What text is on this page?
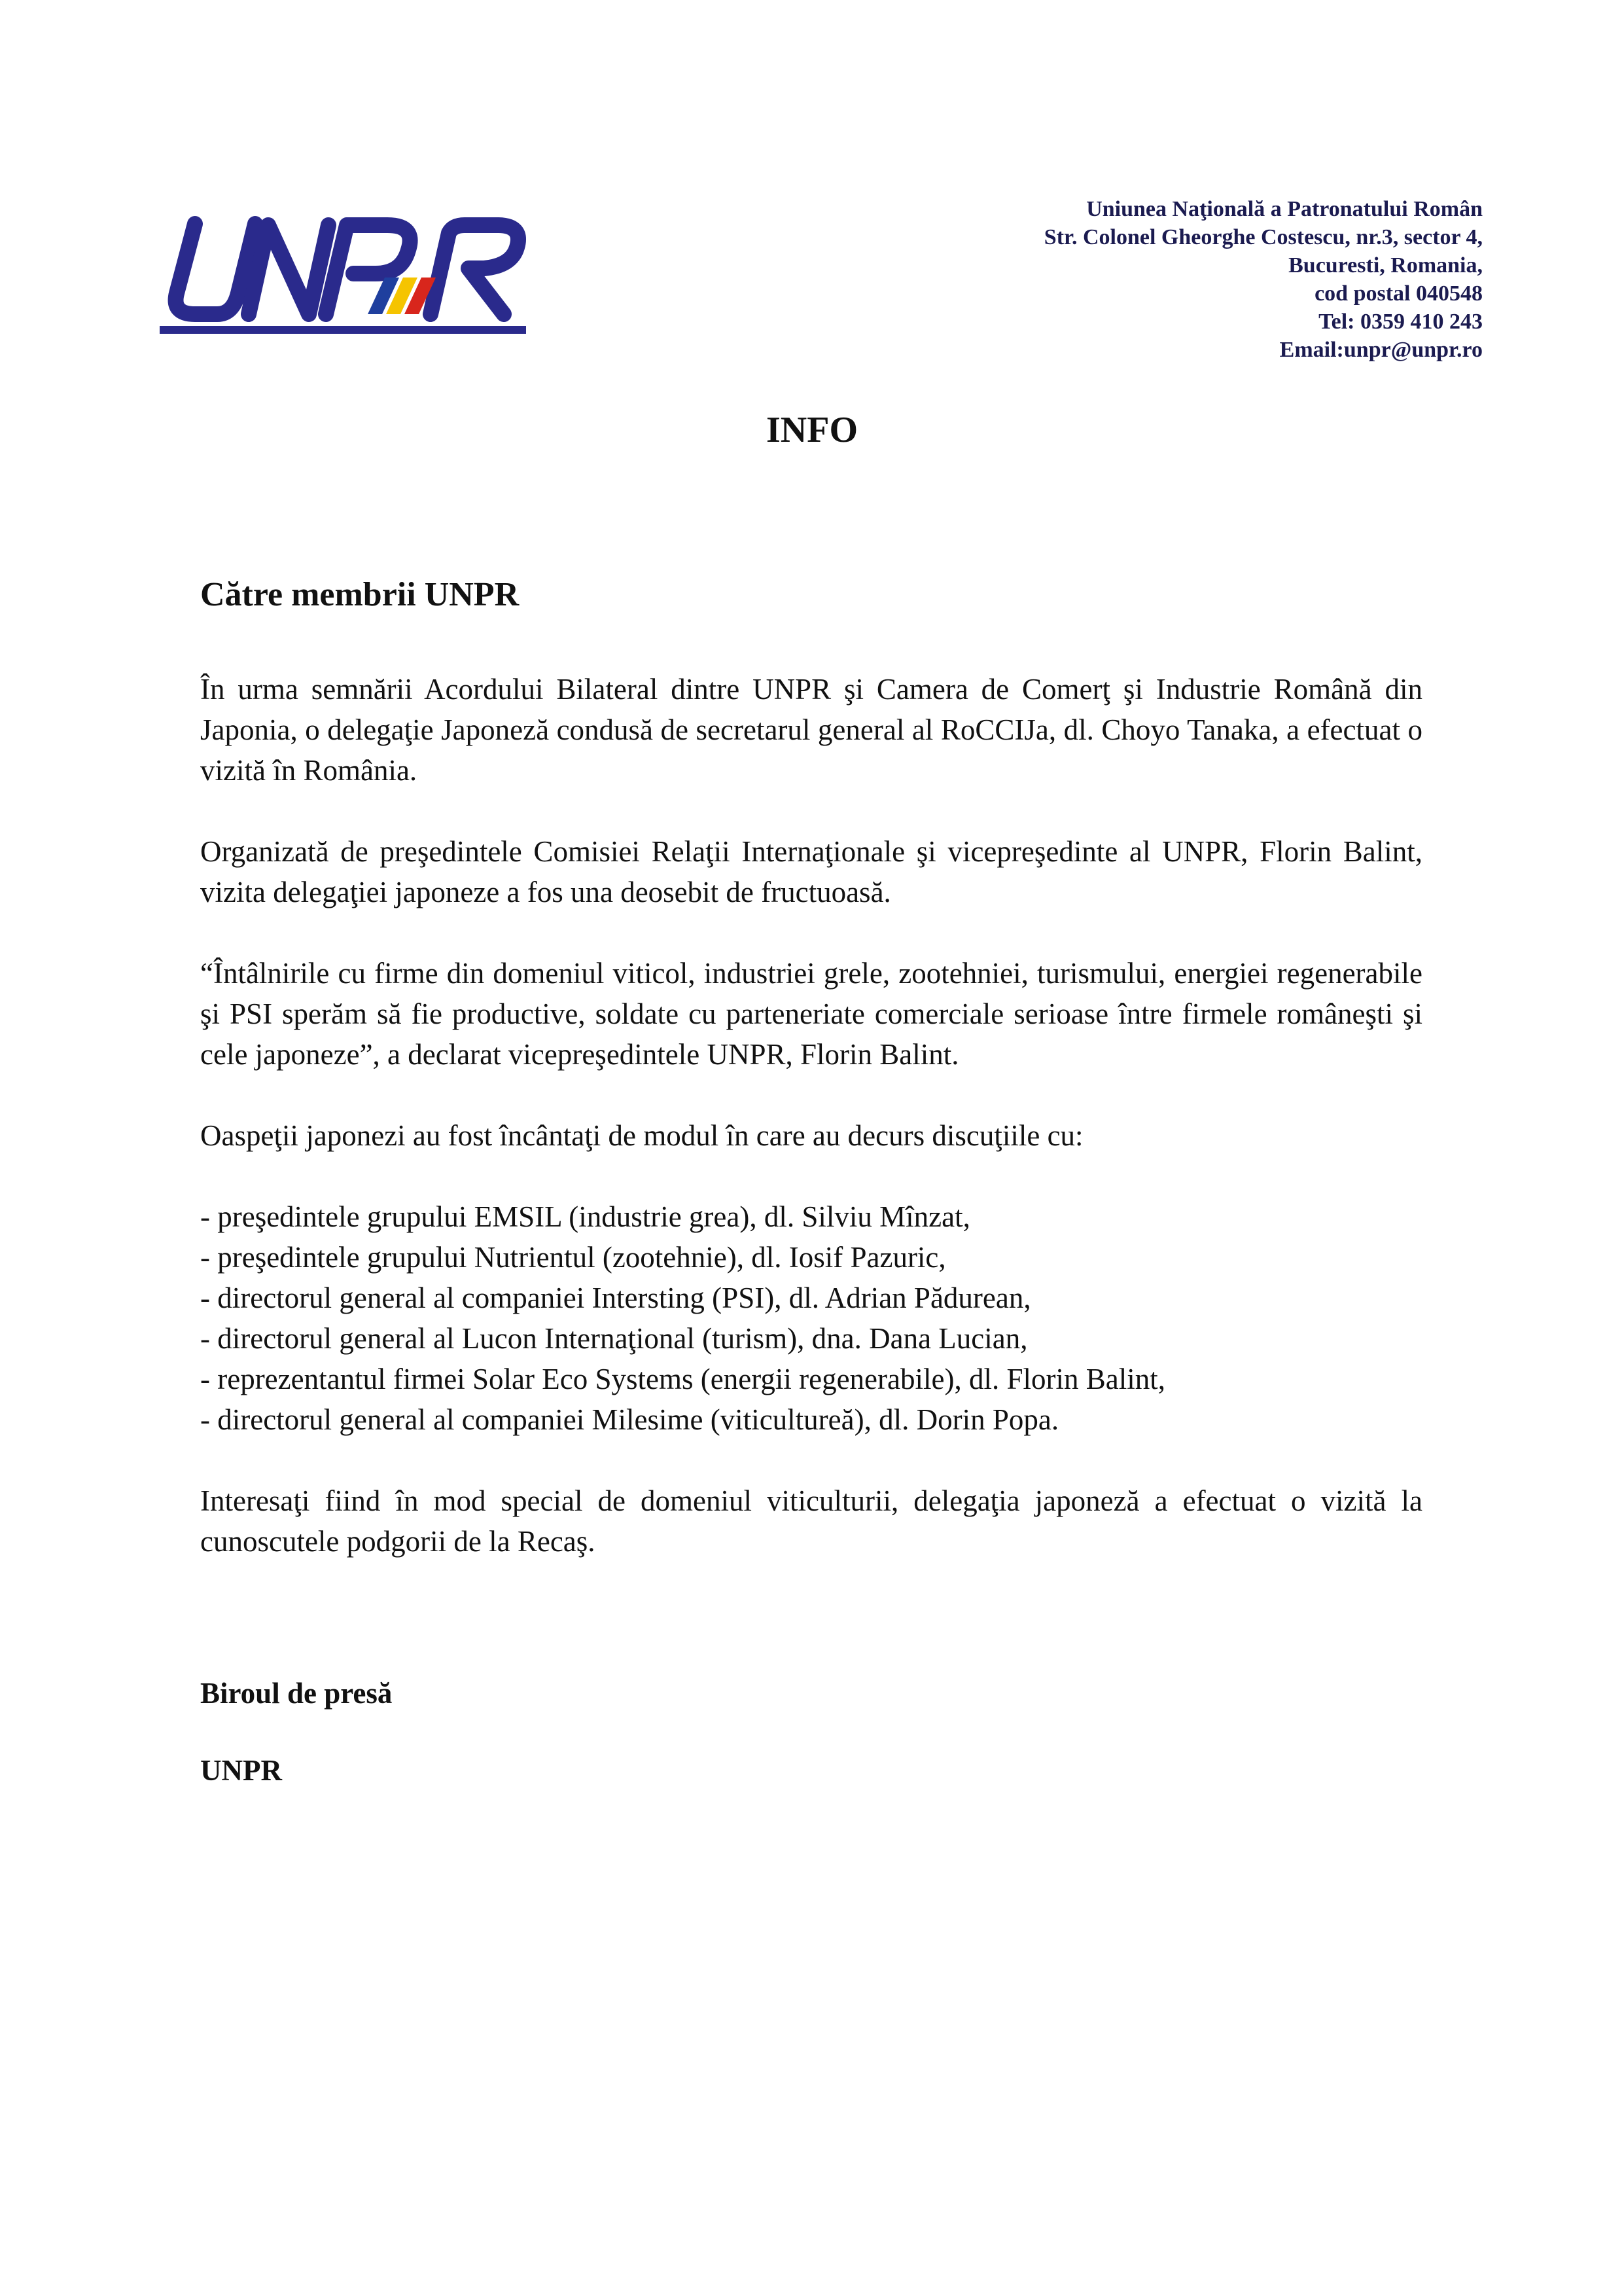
Uniunea Naţională a Patronatului Român
Str. Colonel Gheorghe Costescu, nr.3, sector 4,
Bucuresti, Romania,
cod postal 040548
Tel: 0359 410 243
Email:unpr@unpr.ro
INFO
Către membrii UNPR

În urma semnării Acordului Bilateral dintre UNPR şi Camera de Comerţ şi Industrie Română din Japonia, o delegaţie Japoneză condusă de secretarul general al RoCCIJa, dl. Choyo Tanaka, a efectuat o vizită în România.

Organizată de preşedintele Comisiei Relaţii Internaţionale şi vicepreşedinte al UNPR, Florin Balint, vizita delegaţiei japoneze a fos una deosebit de fructuoasă.

“Întâlnirile cu firme din domeniul viticol, industriei grele, zootehniei, turismului, energiei regenerabile şi PSI sperăm să fie productive, soldate cu parteneriate comerciale serioase între firmele româneşti şi cele japoneze”, a declarat vicepreşedintele UNPR, Florin Balint.

Oaspeţii japonezi au fost încântaţi de modul în care au decurs discuţiile cu:

- preşedintele grupului EMSIL (industrie grea), dl. Silviu Mînzat,
- preşedintele grupului Nutrientul (zootehnie), dl. Iosif Pazuric,
- directorul general al companiei Intersting (PSI), dl. Adrian Pădurean,
- directorul general al Lucon Internaţional (turism), dna. Dana Lucian,
- reprezentantul firmei Solar Eco Systems (energii regenerabile), dl. Florin Balint,
- directorul general al companiei Milesime (viticultureă), dl. Dorin Popa.

Interesaţi fiind în mod special de domeniul viticulturii, delegaţia japoneză a efectuat o vizită la cunoscutele podgorii de la Recaş.

Biroul de presă
UNPR
